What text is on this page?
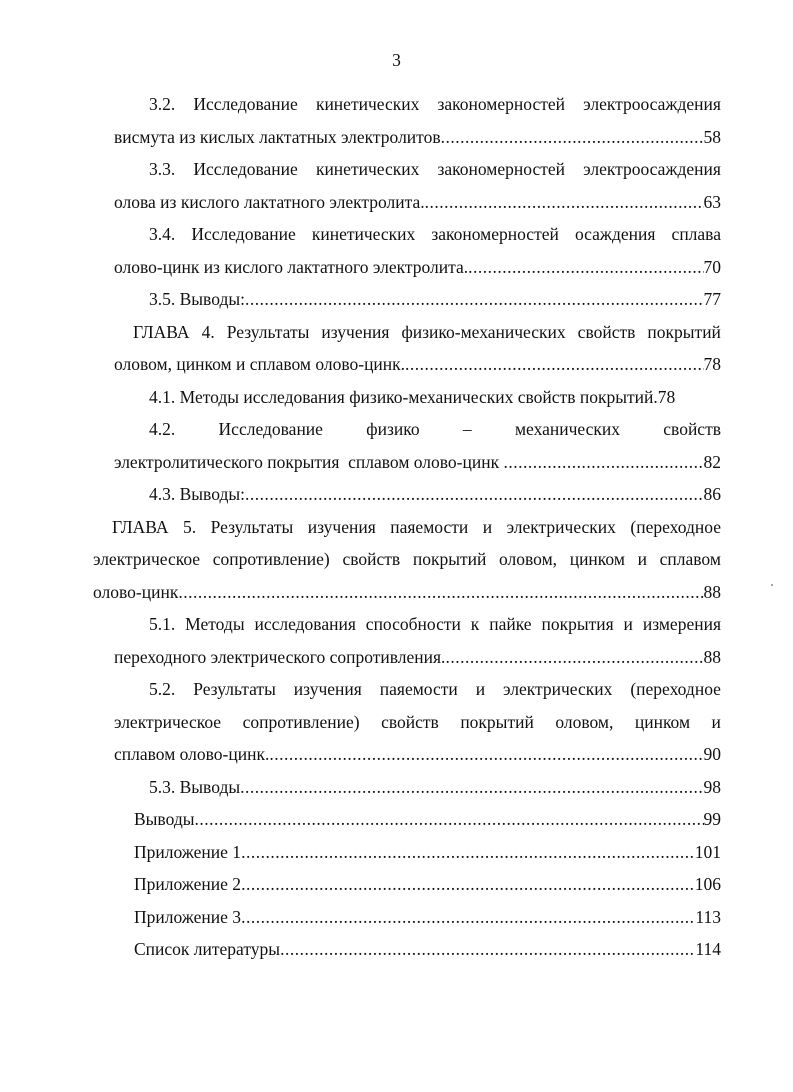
3
3.2. Исследование кинетических закономерностей электроосаждения
висмута из кислых лактатных электролитов .....	58
3.3. Исследование кинетических закономерностей электроосаждения
олова из кислого лактатного электролита. .....	63
3.4. Исследование кинетических закономерностей осаждения сплава
олово-цинк из кислого лактатного электролита. .....	70
3.5. Выводы: .....	77
ГЛАВА 4. Результаты изучения физико-механических свойств покрытий
оловом, цинком и сплавом олово-цинк. .....	78
4.1. Методы исследования физико-механических свойств покрытий. 78
4.2. Исследование физико – механических свойств
электролитического покрытия  сплавом олово-цинк .....	82
4.3. Выводы: .....	86
ГЛАВА 5. Результаты изучения паяемости и электрических (переходное
электрическое сопротивление) свойств покрытий оловом, цинком и сплавом
олово-цинк .....	88
5.1. Методы исследования способности к пайке покрытия и измерения
переходного электрического сопротивления. .....	88
5.2. Результаты изучения паяемости и электрических (переходное
электрическое сопротивление) свойств покрытий оловом, цинком и
сплавом олово-цинк. .....	90
5.3. Выводы .....	98
Выводы .....	99
Приложение 1 .....	101
Приложение 2 .....	106
Приложение 3 .....	113
Список литературы .....	114
